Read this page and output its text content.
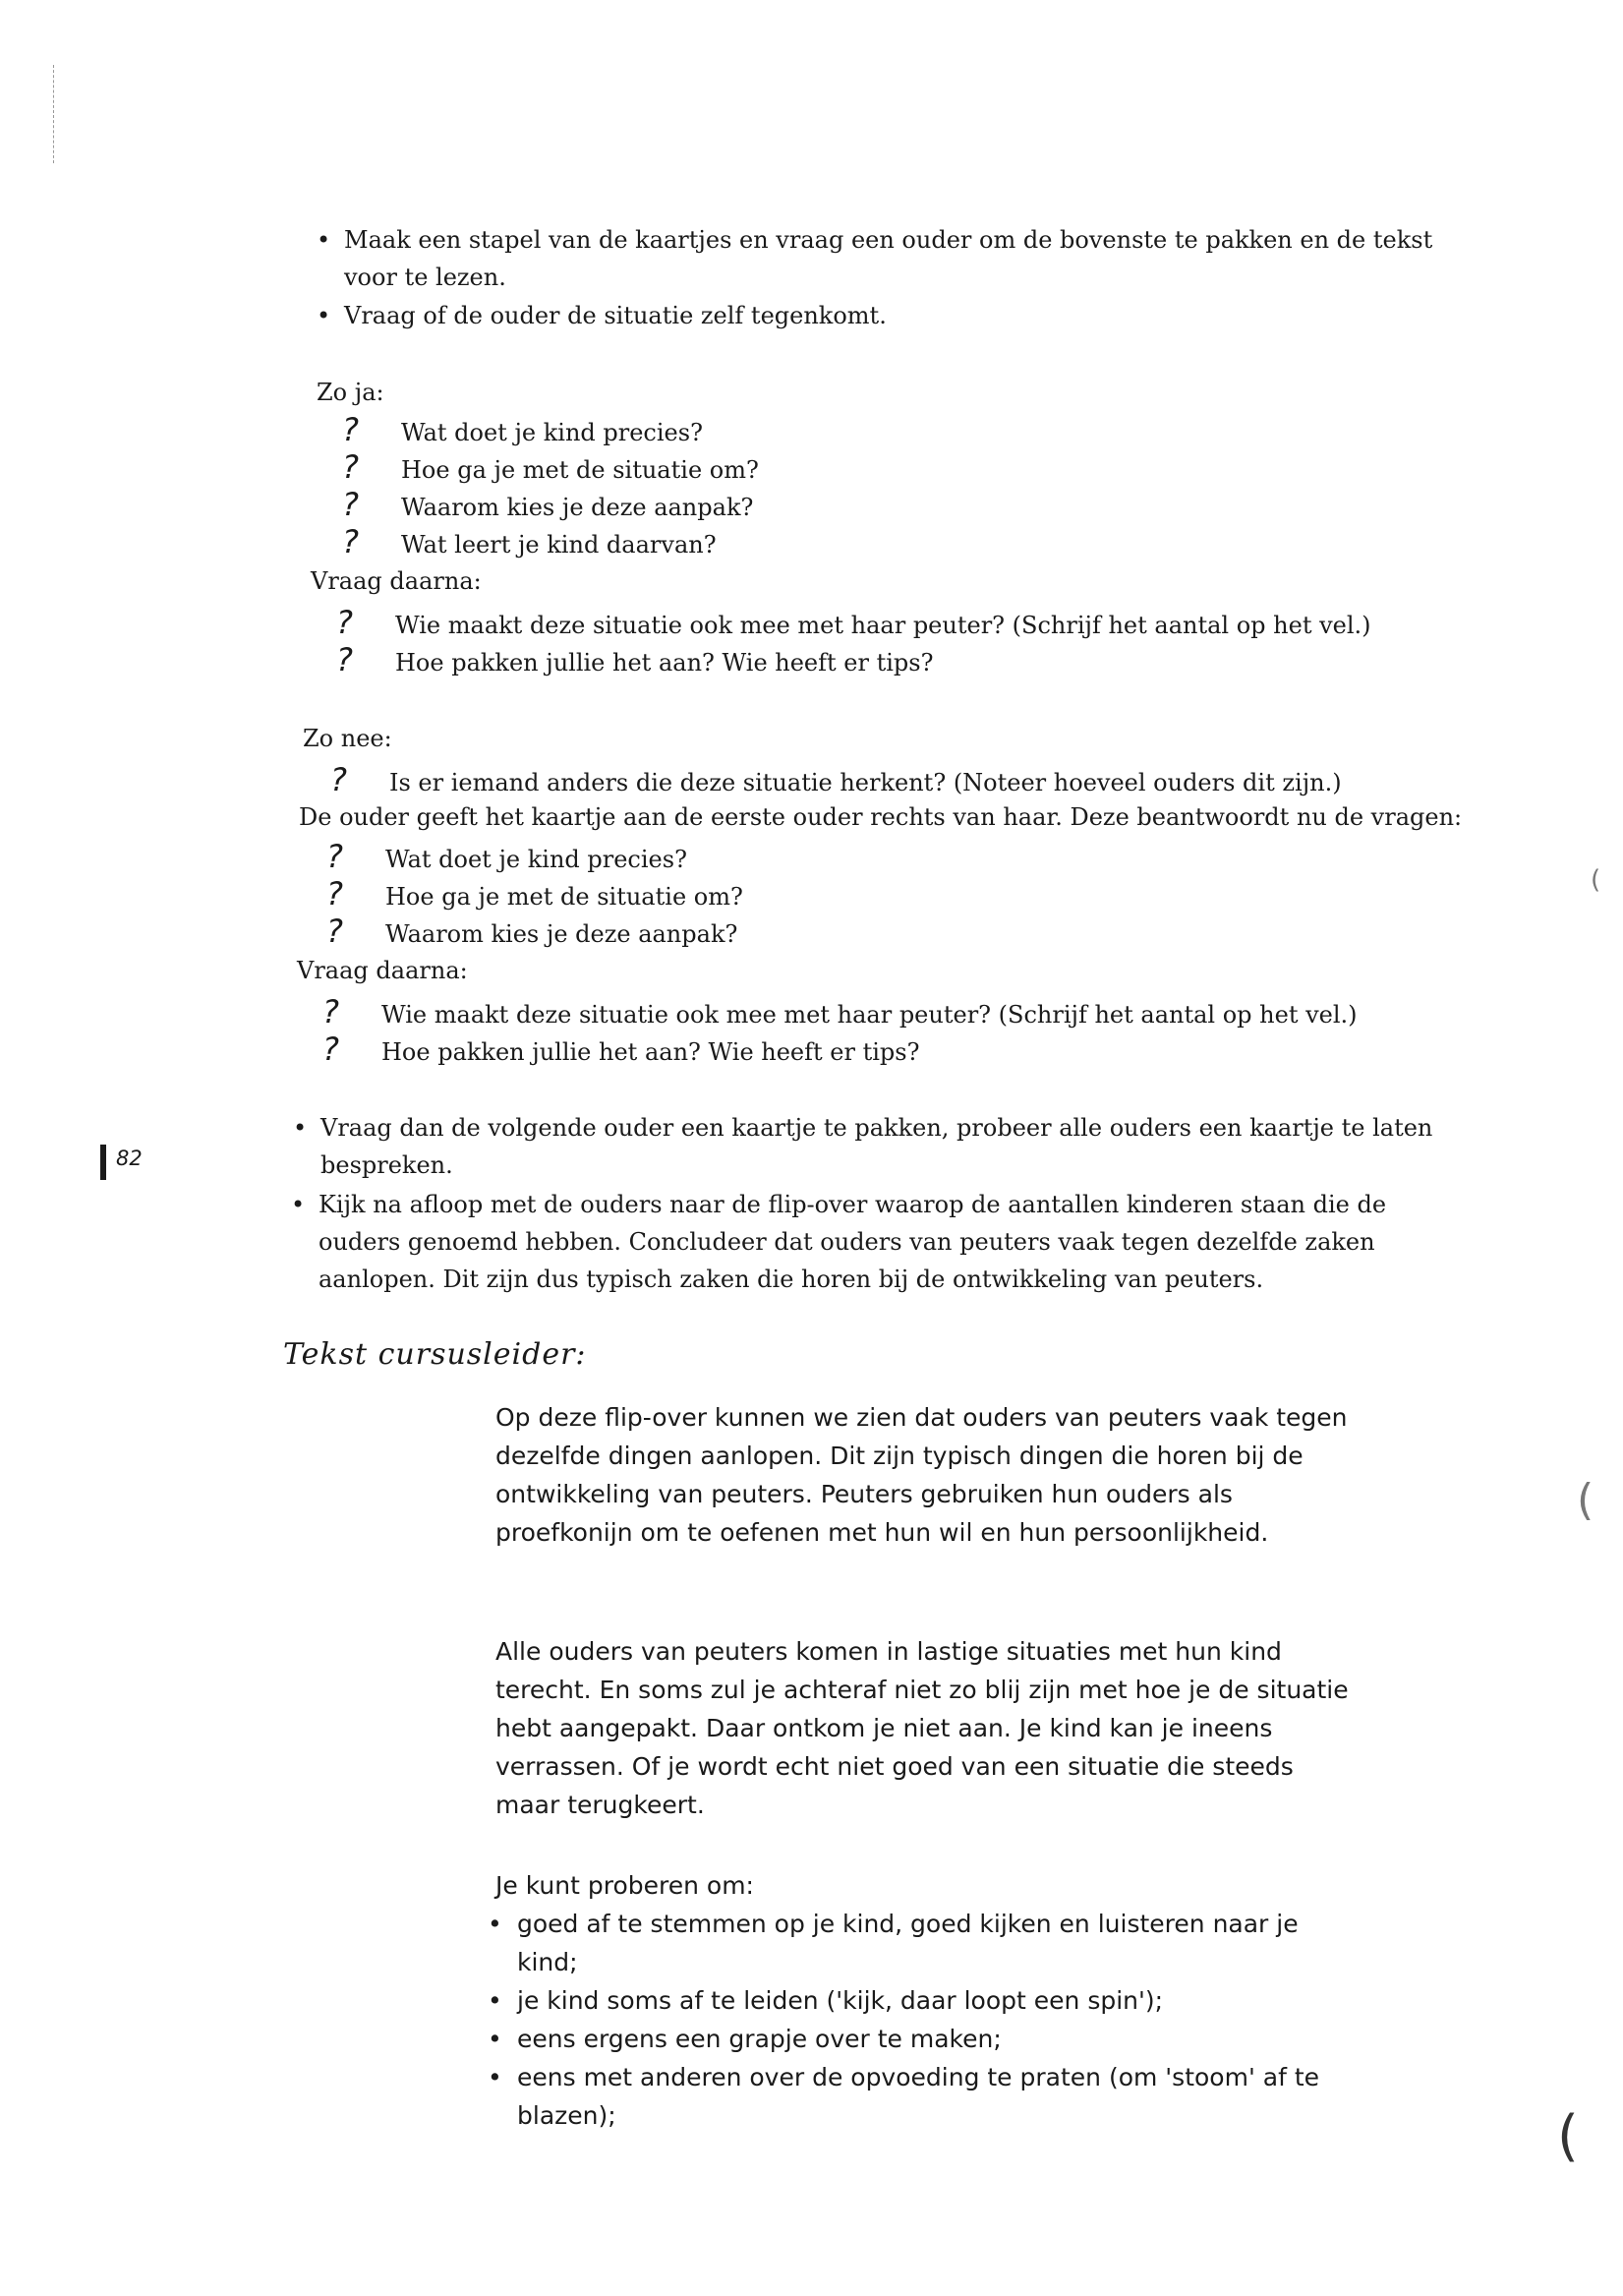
• Maak een stapel van de kaartjes en vraag een ouder om de bovenste te pakken en de tekst voor te lezen.
• Vraag of de ouder de situatie zelf tegenkomt.
Zo ja:
?	Wat doet je kind precies?
?	Hoe ga je met de situatie om?
?	Waarom kies je deze aanpak?
?	Wat leert je kind daarvan?
Vraag daarna:
?	Wie maakt deze situatie ook mee met haar peuter? (Schrijf het aantal op het vel.)
?	Hoe pakken jullie het aan? Wie heeft er tips?
Zo nee:
?	Is er iemand anders die deze situatie herkent? (Noteer hoeveel ouders dit zijn.)
De ouder geeft het kaartje aan de eerste ouder rechts van haar. Deze beantwoordt nu de vragen:
?	Wat doet je kind precies?
?	Hoe ga je met de situatie om?
?	Waarom kies je deze aanpak?
Vraag daarna:
?	Wie maakt deze situatie ook mee met haar peuter? (Schrijf het aantal op het vel.)
?	Hoe pakken jullie het aan? Wie heeft er tips?
82
• Vraag dan de volgende ouder een kaartje te pakken, probeer alle ouders een kaartje te laten bespreken.
• Kijk na afloop met de ouders naar de flip-over waarop de aantallen kinderen staan die de ouders genoemd hebben. Concludeer dat ouders van peuters vaak tegen dezelfde zaken aanlopen. Dit zijn dus typisch zaken die horen bij de ontwikkeling van peuters.
Tekst cursusleider:
Op deze flip-over kunnen we zien dat ouders van peuters vaak tegen dezelfde dingen aanlopen. Dit zijn typisch dingen die horen bij de ontwikkeling van peuters. Peuters gebruiken hun ouders als proefkonijn om te oefenen met hun wil en hun persoonlijkheid.
Alle ouders van peuters komen in lastige situaties met hun kind terecht. En soms zul je achteraf niet zo blij zijn met hoe je de situatie hebt aangepakt. Daar ontkom je niet aan. Je kind kan je ineens verrassen. Of je wordt echt niet goed van een situatie die steeds maar terugkeert.
Je kunt proberen om:
• goed af te stemmen op je kind, goed kijken en luisteren naar je kind;
• je kind soms af te leiden ('kijk, daar loopt een spin');
• eens ergens een grapje over te maken;
• eens met anderen over de opvoeding te praten (om 'stoom' af te blazen);
(
(
(
